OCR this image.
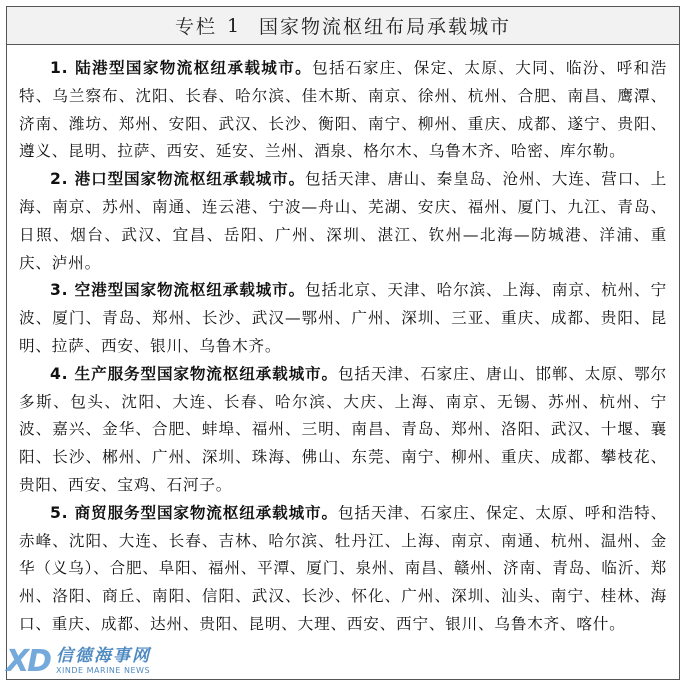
专栏 1 国家物流枢纽布局承载城市

1. 陆港型国家物流枢纽承载城市。包括石家庄、保定、太原、大同、临汾、呼和浩特、乌兰察布、沈阳、长春、哈尔滨、佳木斯、南京、徐州、杭州、合肥、南昌、鹰潭、济南、潍坊、郑州、安阳、武汉、长沙、衡阳、南宁、柳州、重庆、成都、遂宁、贵阳、遵义、昆明、拉萨、西安、延安、兰州、酒泉、格尔木、乌鲁木齐、哈密、库尔勒。

2. 港口型国家物流枢纽承载城市。包括天津、唐山、秦皇岛、沧州、大连、营口、上海、南京、苏州、南通、连云港、宁波—舟山、芜湖、安庆、福州、厦门、九江、青岛、日照、烟台、武汉、宜昌、岳阳、广州、深圳、湛江、钦州—北海—防城港、洋浦、重庆、泸州。

3. 空港型国家物流枢纽承载城市。包括北京、天津、哈尔滨、上海、南京、杭州、宁波、厦门、青岛、郑州、长沙、武汉—鄂州、广州、深圳、三亚、重庆、成都、贵阳、昆明、拉萨、西安、银川、乌鲁木齐。

4. 生产服务型国家物流枢纽承载城市。包括天津、石家庄、唐山、邯郸、太原、鄂尔多斯、包头、沈阳、大连、长春、哈尔滨、大庆、上海、南京、无锡、苏州、杭州、宁波、嘉兴、金华、合肥、蚌埠、福州、三明、南昌、青岛、郑州、洛阳、武汉、十堰、襄阳、长沙、郴州、广州、深圳、珠海、佛山、东莞、南宁、柳州、重庆、成都、攀枝花、贵阳、西安、宝鸡、石河子。

5. 商贸服务型国家物流枢纽承载城市。包括天津、石家庄、保定、太原、呼和浩特、赤峰、沈阳、大连、长春、吉林、哈尔滨、牡丹江、上海、南京、南通、杭州、温州、金华（义乌）、合肥、阜阳、福州、平潭、厦门、泉州、南昌、赣州、济南、青岛、临沂、郑州、洛阳、商丘、南阳、信阳、武汉、长沙、怀化、广州、深圳、汕头、南宁、桂林、海口、重庆、成都、达州、贵阳、昆明、大理、西安、西宁、银川、乌鲁木齐、喀什。

XD 信德海事网
XINDE MARINE NEWS
